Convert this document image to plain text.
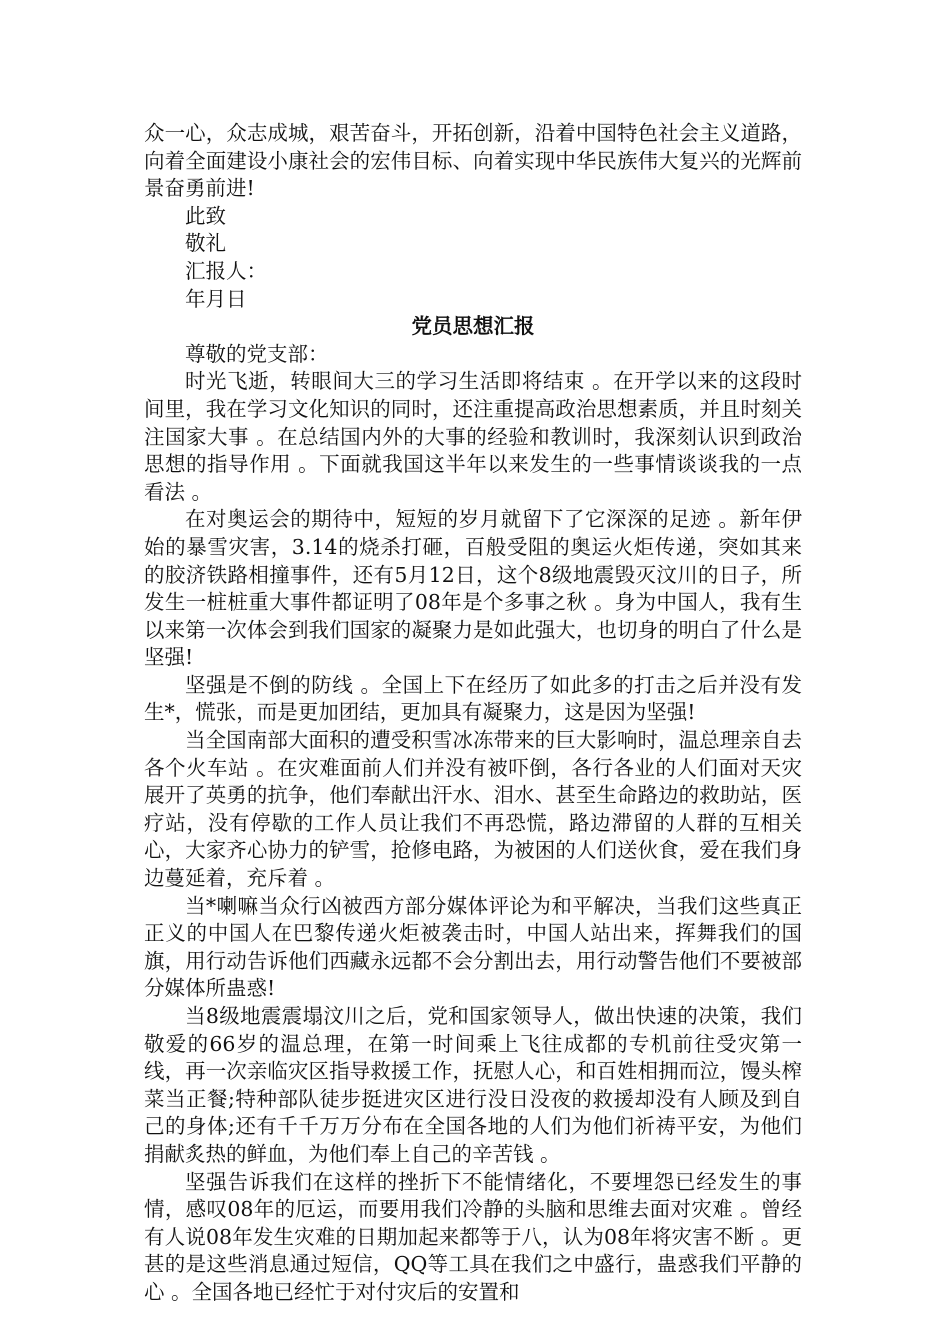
众一心，众志成城，艰苦奋斗，开拓创新，沿着中国特色社会主义道路，向着全面建设小康社会的宏伟目标、向着实现中华民族伟大复兴的光辉前景奋勇前进!

此致

敬礼

汇报人：

年月日

党员思想汇报

尊敬的党支部：

时光飞逝，转眼间大三的学习生活即将结束 。在开学以来的这段时间里，我在学习文化知识的同时，还注重提高政治思想素质，并且时刻关注国家大事 。在总结国内外的大事的经验和教训时，我深刻认识到政治思想的指导作用 。下面就我国这半年以来发生的一些事情谈谈我的一点看法 。

在对奥运会的期待中，短短的岁月就留下了它深深的足迹 。新年伊始的暴雪灾害，3.14的烧杀打砸，百般受阻的奥运火炬传递，突如其来的胶济铁路相撞事件，还有5月12日，这个8级地震毁灭汶川的日子，所发生一桩桩重大事件都证明了08年是个多事之秋 。身为中国人，我有生以来第一次体会到我们国家的凝聚力是如此强大，也切身的明白了什么是坚强!

坚强是不倒的防线 。全国上下在经历了如此多的打击之后并没有发生*，慌张，而是更加团结，更加具有凝聚力，这是因为坚强!

当全国南部大面积的遭受积雪冰冻带来的巨大影响时，温总理亲自去各个火车站 。在灾难面前人们并没有被吓倒，各行各业的人们面对天灾展开了英勇的抗争，他们奉献出汗水、泪水、甚至生命路边的救助站，医疗站，没有停歇的工作人员让我们不再恐慌，路边滞留的人群的互相关心，大家齐心协力的铲雪，抢修电路，为被困的人们送伙食，爱在我们身边蔓延着，充斥着 。

当*喇嘛当众行凶被西方部分媒体评论为和平解决，当我们这些真正正义的中国人在巴黎传递火炬被袭击时，中国人站出来，挥舞我们的国旗，用行动告诉他们西藏永远都不会分割出去，用行动警告他们不要被部分媒体所蛊惑!

当8级地震震塌汶川之后，党和国家领导人，做出快速的决策，我们敬爱的66岁的温总理，在第一时间乘上飞往成都的专机前往受灾第一线，再一次亲临灾区指导救援工作，抚慰人心，和百姓相拥而泣，馒头榨菜当正餐;特种部队徒步挺进灾区进行没日没夜的救援却没有人顾及到自己的身体;还有千千万万分布在全国各地的人们为他们祈祷平安，为他们捐献炙热的鲜血，为他们奉上自己的辛苦钱 。

坚强告诉我们在这样的挫折下不能情绪化，不要埋怨已经发生的事情，感叹08年的厄运，而要用我们冷静的头脑和思维去面对灾难 。曾经有人说08年发生灾难的日期加起来都等于八，认为08年将灾害不断 。更甚的是这些消息通过短信，QQ等工具在我们之中盛行，蛊惑我们平静的心 。全国各地已经忙于对付灾后的安置和
